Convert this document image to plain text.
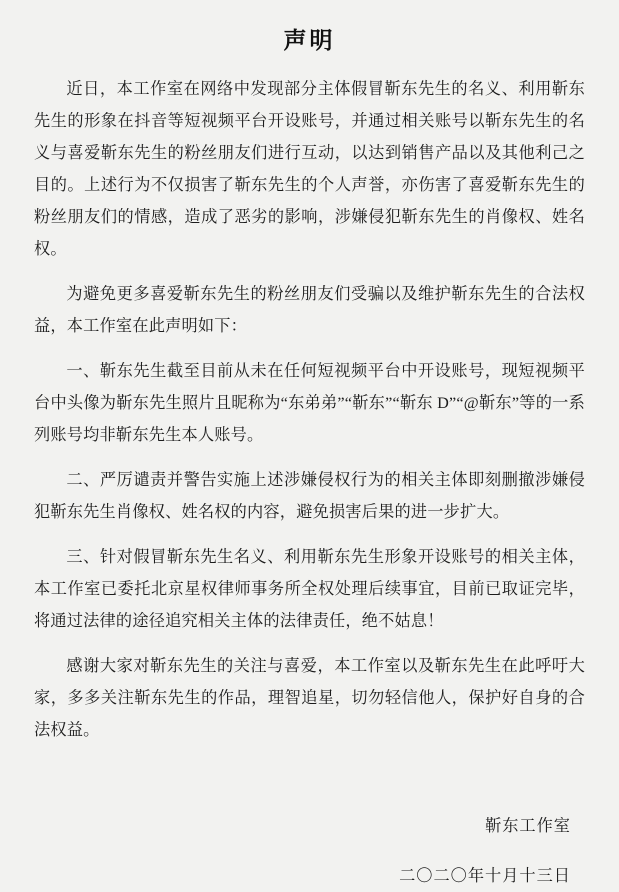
声明

近日，本工作室在网络中发现部分主体假冒靳东先生的名义、利用靳东先生的形象在抖音等短视频平台开设账号，并通过相关账号以靳东先生的名义与喜爱靳东先生的粉丝朋友们进行互动，以达到销售产品以及其他利己之目的。上述行为不仅损害了靳东先生的个人声誉，亦伤害了喜爱靳东先生的粉丝朋友们的情感，造成了恶劣的影响，涉嫌侵犯靳东先生的肖像权、姓名权。

为避免更多喜爱靳东先生的粉丝朋友们受骗以及维护靳东先生的合法权益，本工作室在此声明如下：

一、靳东先生截至目前从未在任何短视频平台中开设账号，现短视频平台中头像为靳东先生照片且昵称为“东弟弟”“靳东”“靳东 D”“@靳东”等的一系列账号均非靳东先生本人账号。

二、严厉谴责并警告实施上述涉嫌侵权行为的相关主体即刻删撤涉嫌侵犯靳东先生肖像权、姓名权的内容，避免损害后果的进一步扩大。

三、针对假冒靳东先生名义、利用靳东先生形象开设账号的相关主体，本工作室已委托北京星权律师事务所全权处理后续事宜，目前已取证完毕，将通过法律的途径追究相关主体的法律责任，绝不姑息！

感谢大家对靳东先生的关注与喜爱，本工作室以及靳东先生在此呼吁大家，多多关注靳东先生的作品，理智追星，切勿轻信他人，保护好自身的合法权益。

靳东工作室
二〇二〇年十月十三日
